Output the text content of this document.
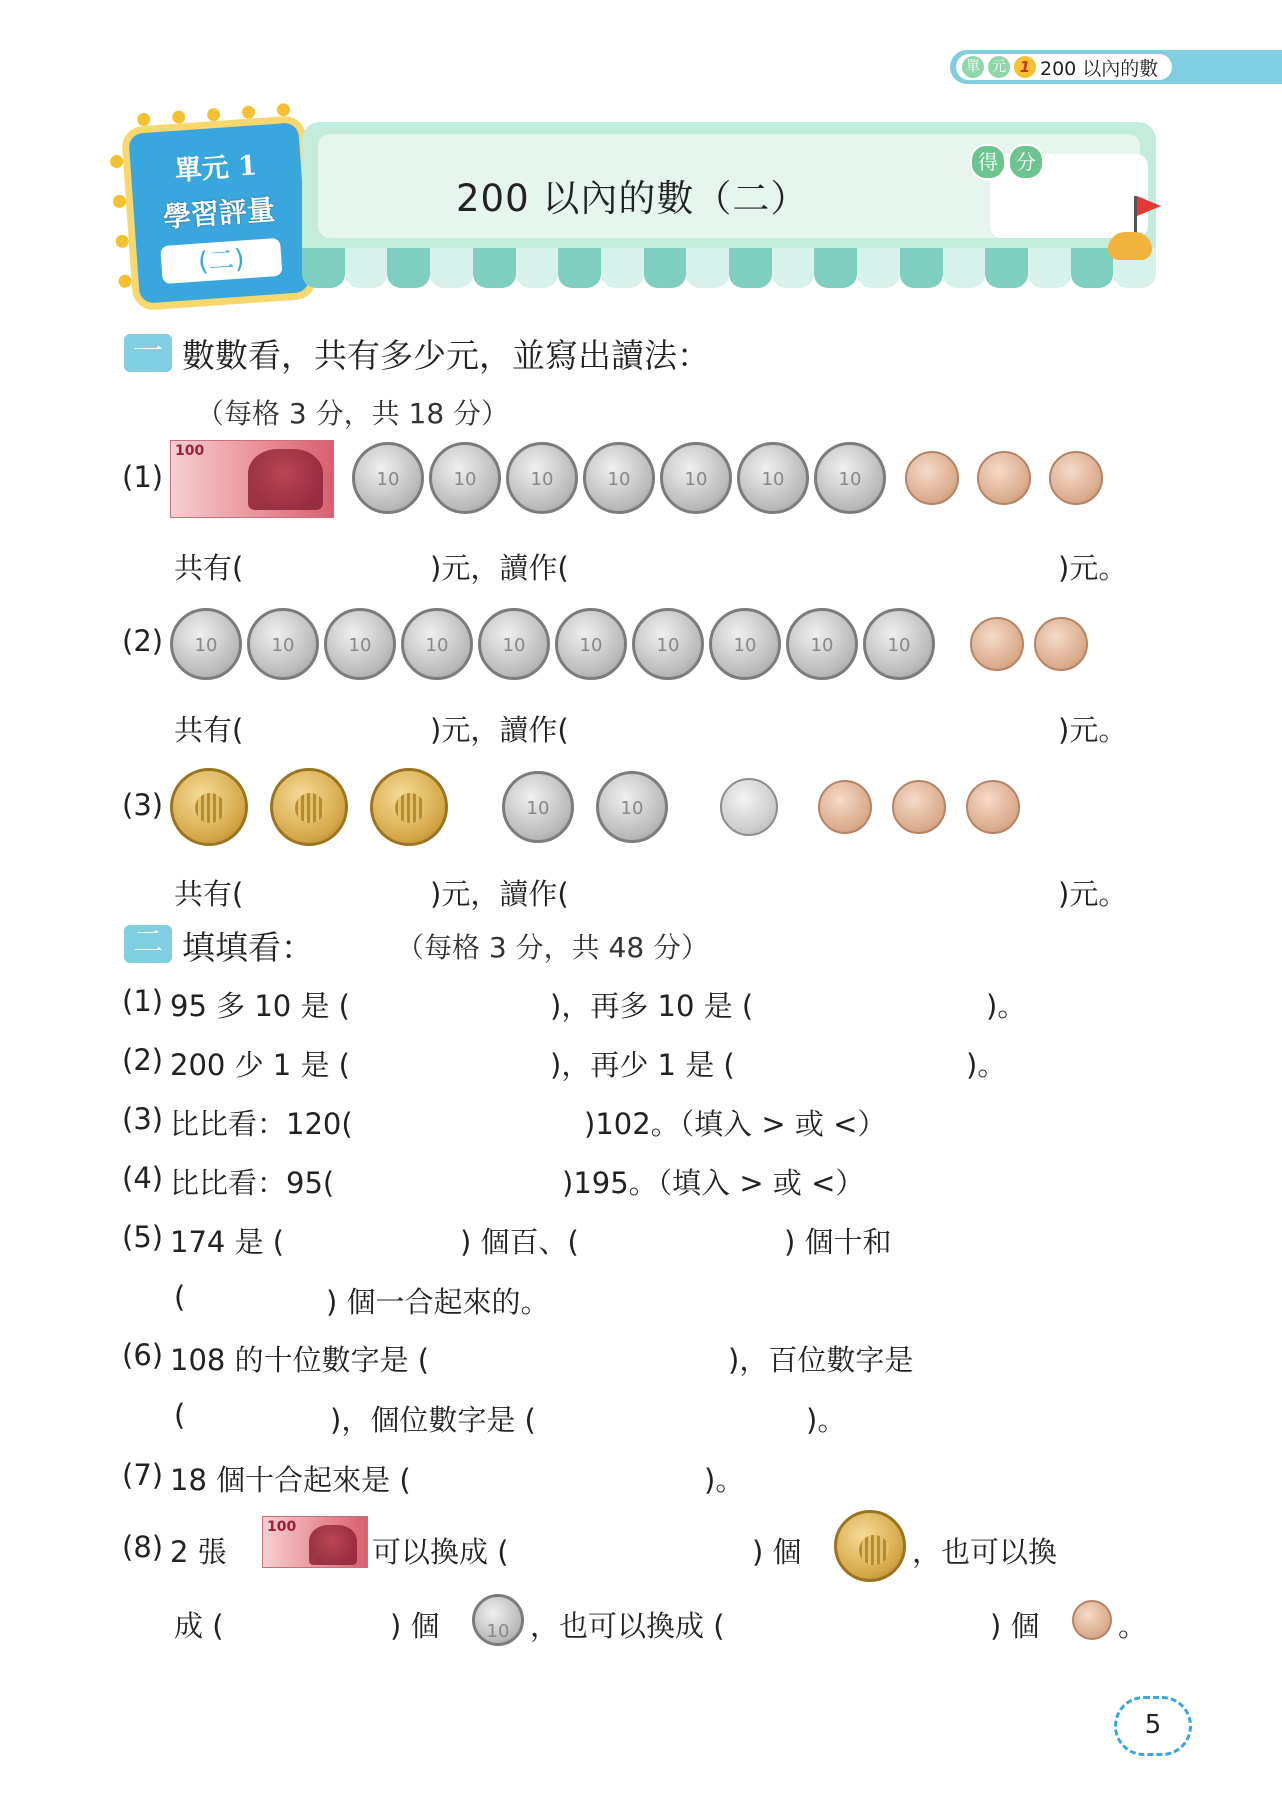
單 元 1 200 以內的數
單元 1
學習評量
(二)
200 以內的數（二）
得 分
一 數數看，共有多少元，並寫出讀法：
（每格 3 分，共 18 分）
(1)
100
10
10
10
10
10
10
10
共有(	)元，讀作(	)元。
(2)
10
10
10
10
10
10
10
10
10
10
共有(	)元，讀作(	)元。
(3)
10
10
共有(	)元，讀作(	)元。
二 填填看：	（每格 3 分，共 48 分）
(1) 95 多 10 是 (	)，再多 10 是 (	)。
(2) 200 少 1 是 (	)，再少 1 是 (	)。
(3) 比比看：120(	)102。（填入 > 或 <）
(4) 比比看：95(	)195。（填入 > 或 <）
(5) 174 是 (	) 個百、(	) 個十和
(	) 個一合起來的。
(6) 108 的十位數字是 (	)，百位數字是
(	)，個位數字是 (	)。
(7) 18 個十合起來是 (	)。
(8) 2 張
100
可以換成 (	) 個	，也可以換
成 (	) 個
10	，也可以換成 (	) 個	。
5
